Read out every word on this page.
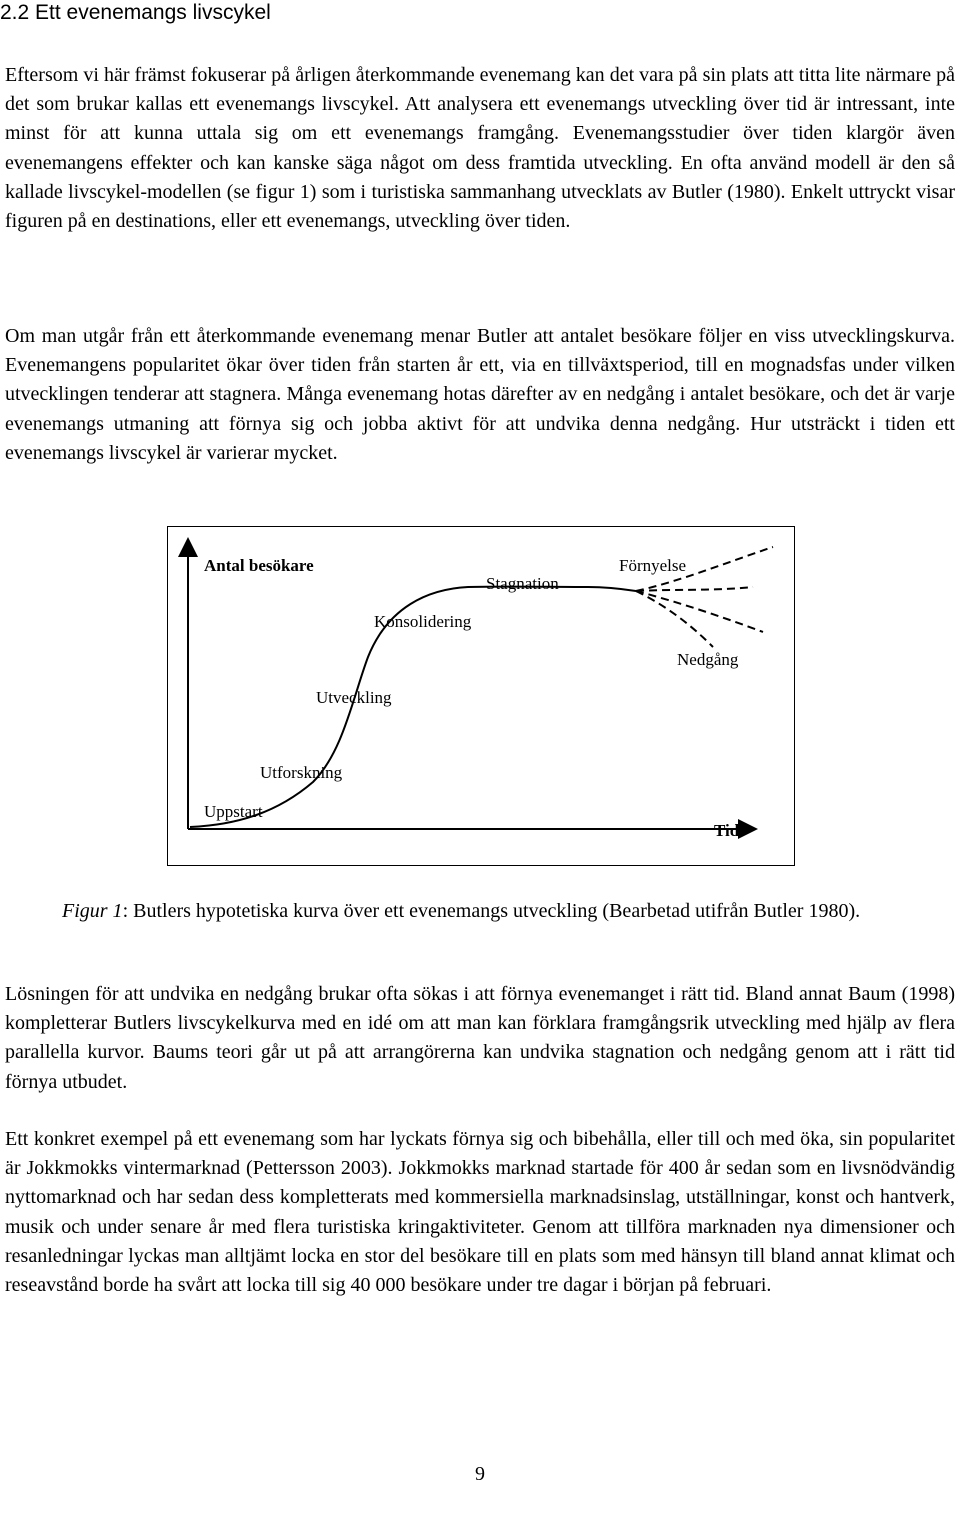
2.2 Ett evenemangs livscykel

Eftersom vi här främst fokuserar på årligen återkommande evenemang kan det vara på sin plats att titta lite närmare på det som brukar kallas ett evenemangs livscykel. Att analysera ett evenemangs utveckling över tid är intressant, inte minst för att kunna uttala sig om ett evenemangs framgång. Evenemangsstudier över tiden klargör även evenemangens effekter och kan kanske säga något om dess framtida utveckling. En ofta använd modell är den så kallade livscykel-modellen (se figur 1) som i turistiska sammanhang utvecklats av Butler (1980). Enkelt uttryckt visar figuren på en destinations, eller ett evenemangs, utveckling över tiden.

Om man utgår från ett återkommande evenemang menar Butler att antalet besökare följer en viss utvecklingskurva. Evenemangens popularitet ökar över tiden från starten år ett, via en tillväxtsperiod, till en mognadsfas under vilken utvecklingen tenderar att stagnera. Många evenemang hotas därefter av en nedgång i antalet besökare, och det är varje evenemangs utmaning att förnya sig och jobba aktivt för att undvika denna nedgång. Hur utsträckt i tiden ett evenemangs livscykel är varierar mycket.

Antal besökare
Stagnation
Förnyelse
Konsolidering
Nedgång
Utveckling
Utforskning
Uppstart
Tid

Figur 1: Butlers hypotetiska kurva över ett evenemangs utveckling (Bearbetad utifrån Butler 1980).

Lösningen för att undvika en nedgång brukar ofta sökas i att förnya evenemanget i rätt tid. Bland annat Baum (1998) kompletterar Butlers livscykelkurva med en idé om att man kan förklara framgångsrik utveckling med hjälp av flera parallella kurvor. Baums teori går ut på att arrangörerna kan undvika stagnation och nedgång genom att i rätt tid förnya utbudet.

Ett konkret exempel på ett evenemang som har lyckats förnya sig och bibehålla, eller till och med öka, sin popularitet är Jokkmokks vintermarknad (Pettersson 2003). Jokkmokks marknad startade för 400 år sedan som en livsnödvändig nyttomarknad och har sedan dess kompletterats med kommersiella marknadsinslag, utställningar, konst och hantverk, musik och under senare år med flera turistiska kringaktiviteter. Genom att tillföra marknaden nya dimensioner och resanledningar lyckas man alltjämt locka en stor del besökare till en plats som med hänsyn till bland annat klimat och reseavstånd borde ha svårt att locka till sig 40 000 besökare under tre dagar i början på februari.

9
